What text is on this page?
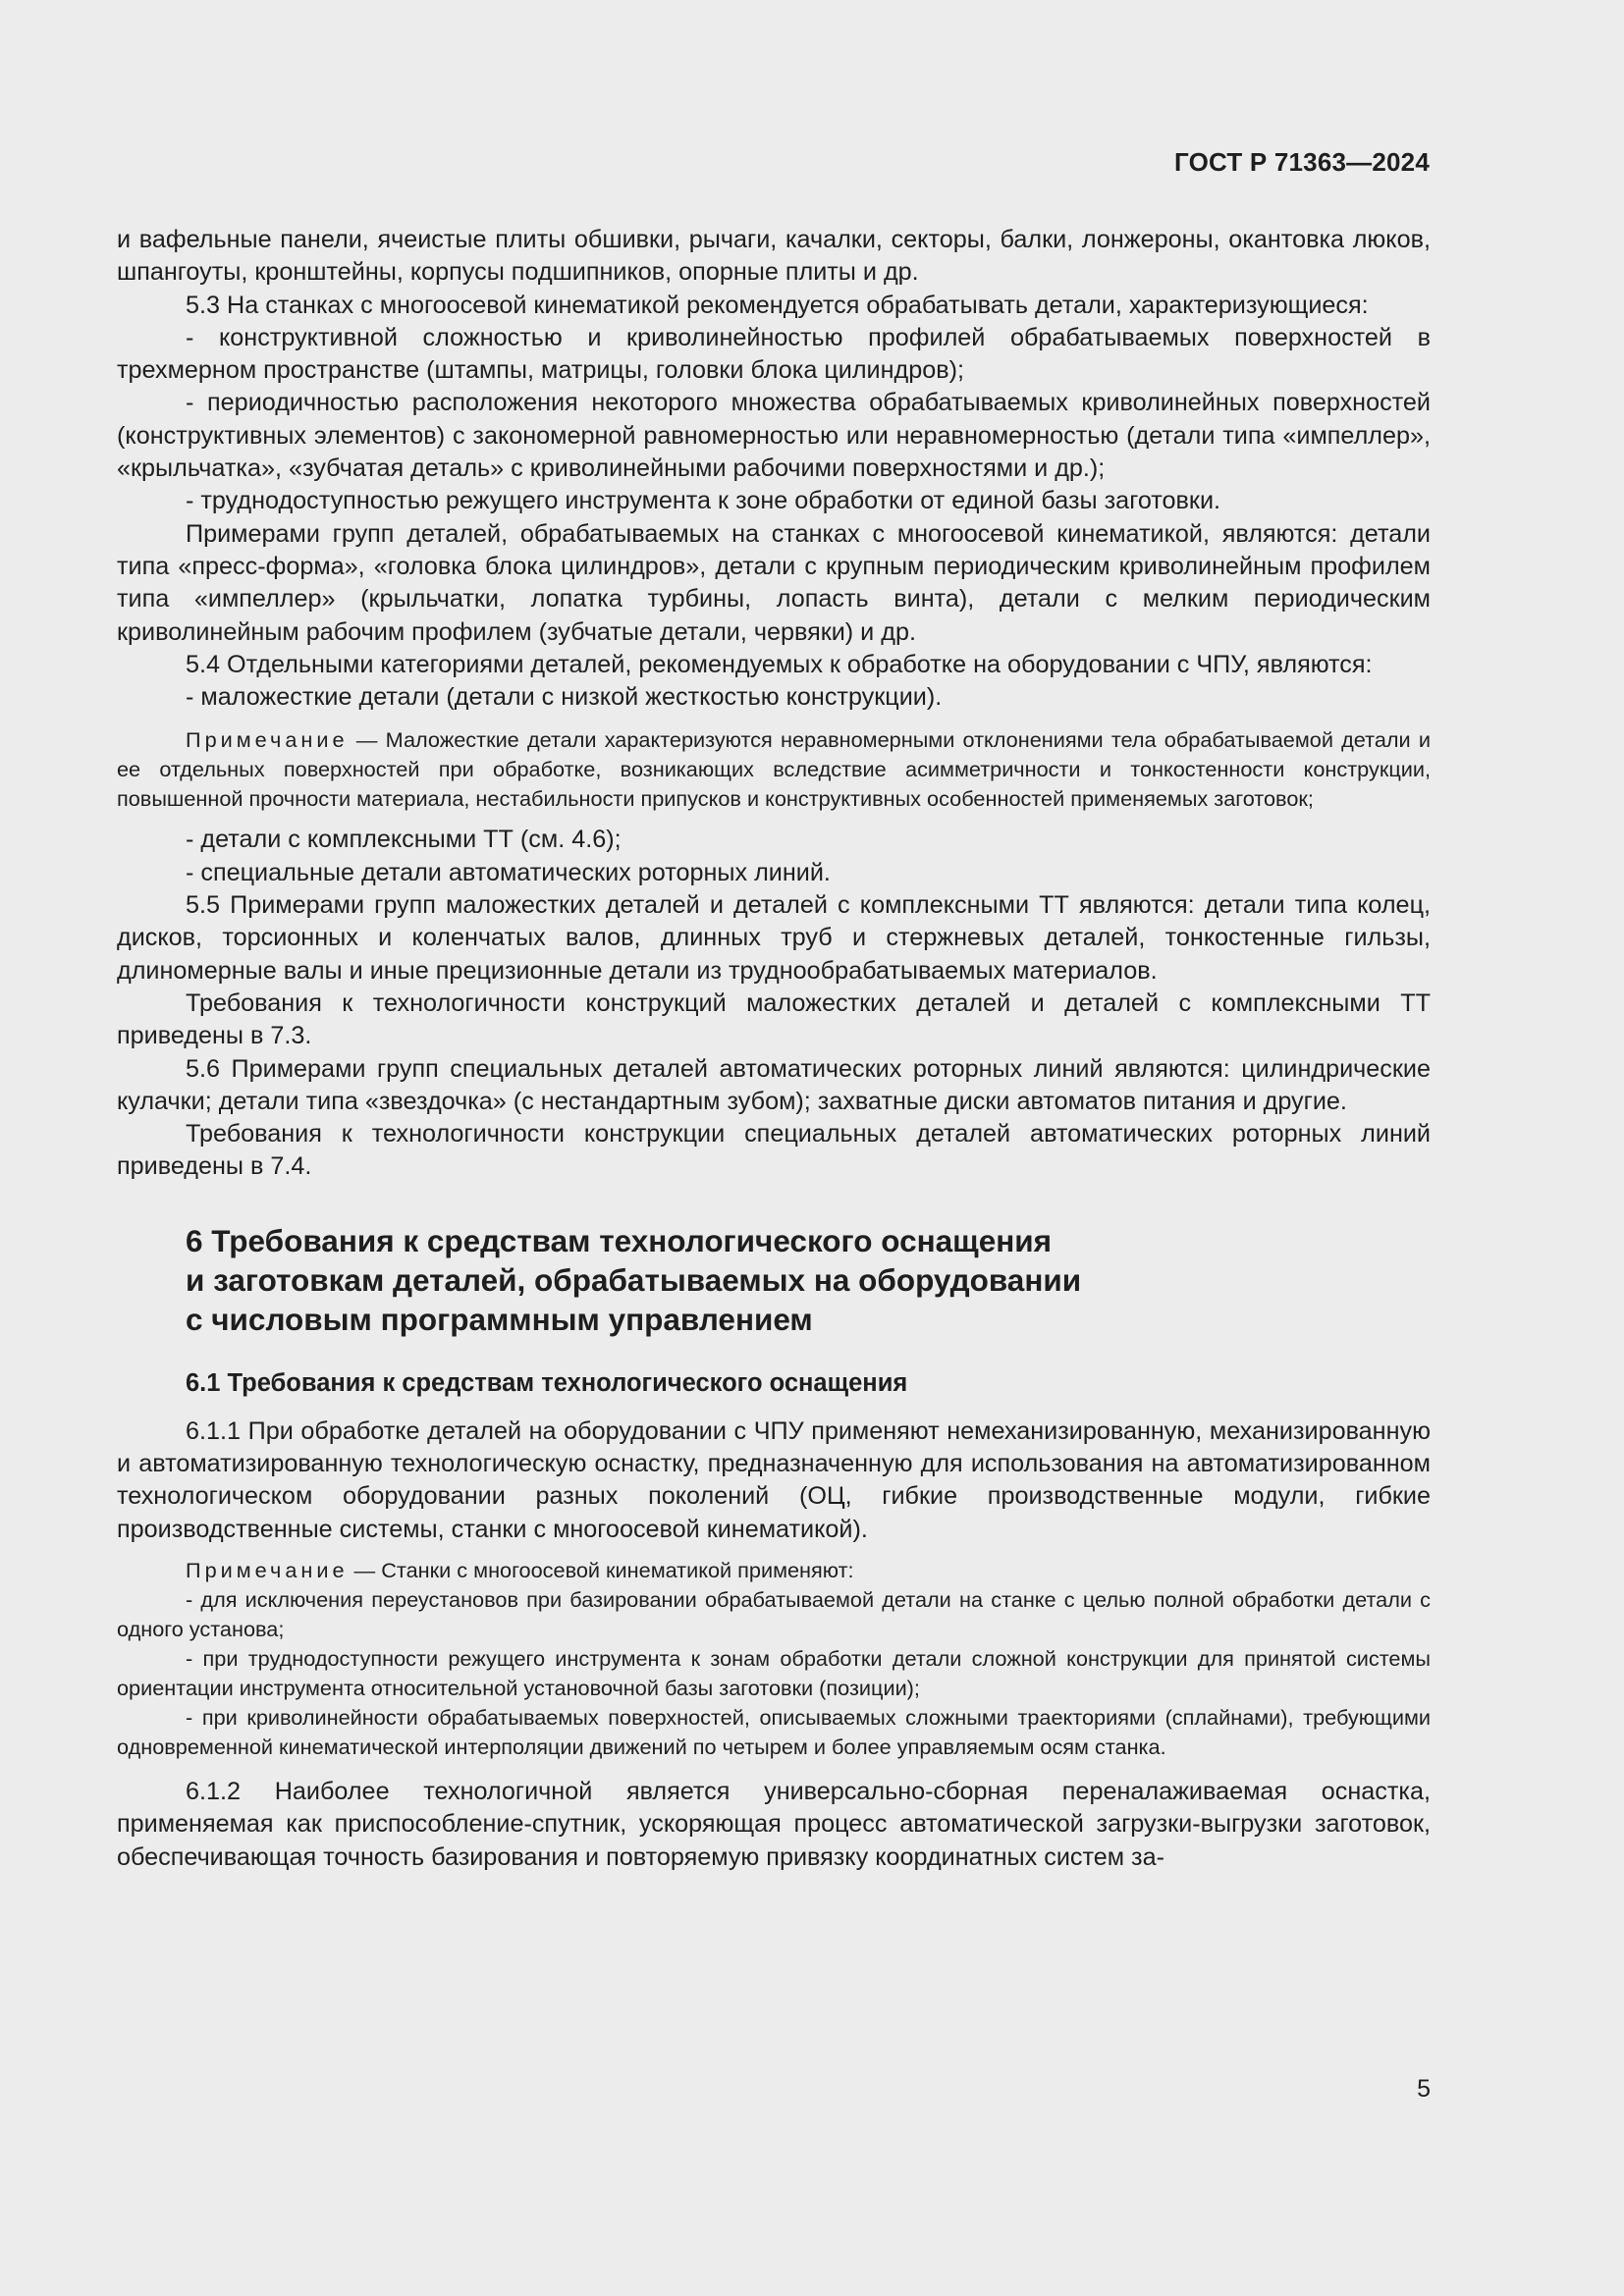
ГОСТ Р 71363—2024

и вафельные панели, ячеистые плиты обшивки, рычаги, качалки, секторы, балки, лонжероны, окантовка люков, шпангоуты, кронштейны, корпусы подшипников, опорные плиты и др.

5.3 На станках с многоосевой кинематикой рекомендуется обрабатывать детали, характеризующиеся:

- конструктивной сложностью и криволинейностью профилей обрабатываемых поверхностей в трехмерном пространстве (штампы, матрицы, головки блока цилиндров);

- периодичностью расположения некоторого множества обрабатываемых криволинейных поверхностей (конструктивных элементов) с закономерной равномерностью или неравномерностью (детали типа «импеллер», «крыльчатка», «зубчатая деталь» с криволинейными рабочими поверхностями и др.);

- труднодоступностью режущего инструмента к зоне обработки от единой базы заготовки.

Примерами групп деталей, обрабатываемых на станках с многоосевой кинематикой, являются: детали типа «пресс-форма», «головка блока цилиндров», детали с крупным периодическим криволинейным профилем типа «импеллер» (крыльчатки, лопатка турбины, лопасть винта), детали с мелким периодическим криволинейным рабочим профилем (зубчатые детали, червяки) и др.

5.4 Отдельными категориями деталей, рекомендуемых к обработке на оборудовании с ЧПУ, являются:

- маложесткие детали (детали с низкой жесткостью конструкции).

Примечание — Маложесткие детали характеризуются неравномерными отклонениями тела обрабатываемой детали и ее отдельных поверхностей при обработке, возникающих вследствие асимметричности и тонкостенности конструкции, повышенной прочности материала, нестабильности припусков и конструктивных особенностей применяемых заготовок;

- детали с комплексными ТТ (см. 4.6);

- специальные детали автоматических роторных линий.

5.5 Примерами групп маложестких деталей и деталей с комплексными ТТ являются: детали типа колец, дисков, торсионных и коленчатых валов, длинных труб и стержневых деталей, тонкостенные гильзы, длиномерные валы и иные прецизионные детали из труднообрабатываемых материалов.

Требования к технологичности конструкций маложестких деталей и деталей с комплексными ТТ приведены в 7.3.

5.6 Примерами групп специальных деталей автоматических роторных линий являются: цилиндрические кулачки; детали типа «звездочка» (с нестандартным зубом); захватные диски автоматов питания и другие.

Требования к технологичности конструкции специальных деталей автоматических роторных линий приведены в 7.4.

6 Требования к средствам технологического оснащения

и заготовкам деталей, обрабатываемых на оборудовании

с числовым программным управлением

6.1 Требования к средствам технологического оснащения

6.1.1 При обработке деталей на оборудовании с ЧПУ применяют немеханизированную, механизированную и автоматизированную технологическую оснастку, предназначенную для использования на автоматизированном технологическом оборудовании разных поколений (ОЦ, гибкие производственные модули, гибкие производственные системы, станки с многоосевой кинематикой).

Примечание — Станки с многоосевой кинематикой применяют:

- для исключения переустановов при базировании обрабатываемой детали на станке с целью полной обработки детали с одного установа;

- при труднодоступности режущего инструмента к зонам обработки детали сложной конструкции для принятой системы ориентации инструмента относительной установочной базы заготовки (позиции);

- при криволинейности обрабатываемых поверхностей, описываемых сложными траекториями (сплайнами), требующими одновременной кинематической интерполяции движений по четырем и более управляемым осям станка.

6.1.2 Наиболее технологичной является универсально-сборная переналаживаемая оснастка, применяемая как приспособление-спутник, ускоряющая процесс автоматической загрузки-выгрузки заготовок, обеспечивающая точность базирования и повторяемую привязку координатных систем за-

5
